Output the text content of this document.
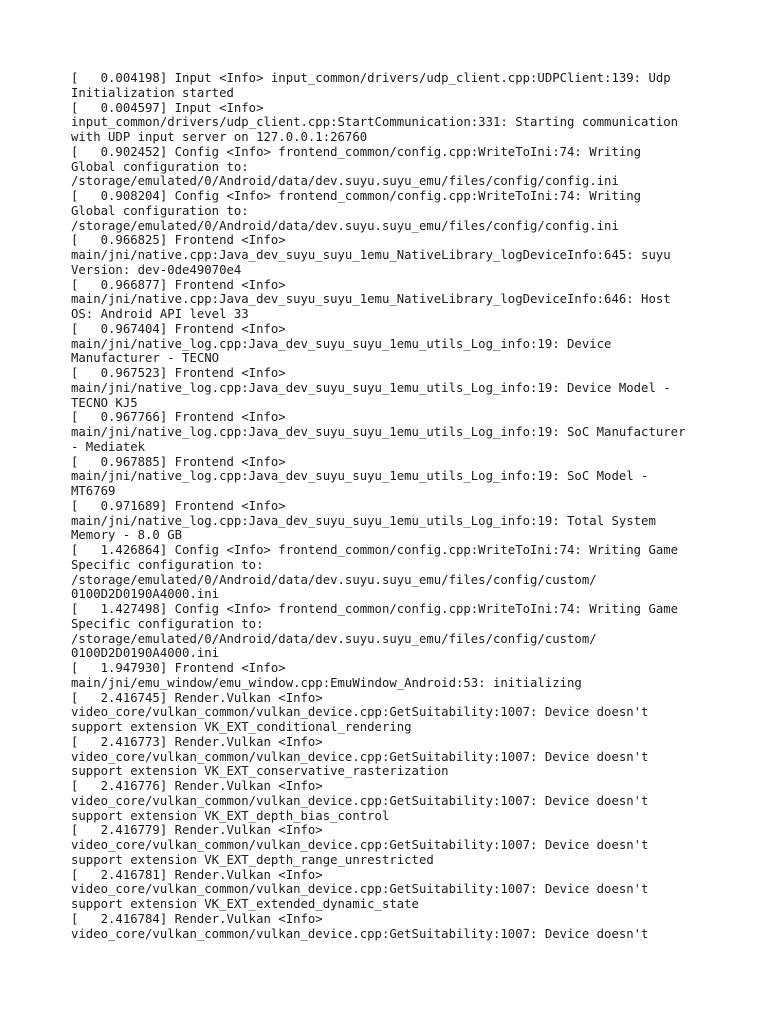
[   0.004198] Input <Info> input_common/drivers/udp_client.cpp:UDPClient:139: Udp
Initialization started
[   0.004597] Input <Info>
input_common/drivers/udp_client.cpp:StartCommunication:331: Starting communication
with UDP input server on 127.0.0.1:26760
[   0.902452] Config <Info> frontend_common/config.cpp:WriteToIni:74: Writing
Global configuration to:
/storage/emulated/0/Android/data/dev.suyu.suyu_emu/files/config/config.ini
[   0.908204] Config <Info> frontend_common/config.cpp:WriteToIni:74: Writing
Global configuration to:
/storage/emulated/0/Android/data/dev.suyu.suyu_emu/files/config/config.ini
[   0.966825] Frontend <Info>
main/jni/native.cpp:Java_dev_suyu_suyu_1emu_NativeLibrary_logDeviceInfo:645: suyu
Version: dev-0de49070e4
[   0.966877] Frontend <Info>
main/jni/native.cpp:Java_dev_suyu_suyu_1emu_NativeLibrary_logDeviceInfo:646: Host
OS: Android API level 33
[   0.967404] Frontend <Info>
main/jni/native_log.cpp:Java_dev_suyu_suyu_1emu_utils_Log_info:19: Device
Manufacturer - TECNO
[   0.967523] Frontend <Info>
main/jni/native_log.cpp:Java_dev_suyu_suyu_1emu_utils_Log_info:19: Device Model -
TECNO KJ5
[   0.967766] Frontend <Info>
main/jni/native_log.cpp:Java_dev_suyu_suyu_1emu_utils_Log_info:19: SoC Manufacturer
- Mediatek
[   0.967885] Frontend <Info>
main/jni/native_log.cpp:Java_dev_suyu_suyu_1emu_utils_Log_info:19: SoC Model -
MT6769
[   0.971689] Frontend <Info>
main/jni/native_log.cpp:Java_dev_suyu_suyu_1emu_utils_Log_info:19: Total System
Memory - 8.0 GB
[   1.426864] Config <Info> frontend_common/config.cpp:WriteToIni:74: Writing Game
Specific configuration to:
/storage/emulated/0/Android/data/dev.suyu.suyu_emu/files/config/custom/
0100D2D0190A4000.ini
[   1.427498] Config <Info> frontend_common/config.cpp:WriteToIni:74: Writing Game
Specific configuration to:
/storage/emulated/0/Android/data/dev.suyu.suyu_emu/files/config/custom/
0100D2D0190A4000.ini
[   1.947930] Frontend <Info>
main/jni/emu_window/emu_window.cpp:EmuWindow_Android:53: initializing
[   2.416745] Render.Vulkan <Info>
video_core/vulkan_common/vulkan_device.cpp:GetSuitability:1007: Device doesn't
support extension VK_EXT_conditional_rendering
[   2.416773] Render.Vulkan <Info>
video_core/vulkan_common/vulkan_device.cpp:GetSuitability:1007: Device doesn't
support extension VK_EXT_conservative_rasterization
[   2.416776] Render.Vulkan <Info>
video_core/vulkan_common/vulkan_device.cpp:GetSuitability:1007: Device doesn't
support extension VK_EXT_depth_bias_control
[   2.416779] Render.Vulkan <Info>
video_core/vulkan_common/vulkan_device.cpp:GetSuitability:1007: Device doesn't
support extension VK_EXT_depth_range_unrestricted
[   2.416781] Render.Vulkan <Info>
video_core/vulkan_common/vulkan_device.cpp:GetSuitability:1007: Device doesn't
support extension VK_EXT_extended_dynamic_state
[   2.416784] Render.Vulkan <Info>
video_core/vulkan_common/vulkan_device.cpp:GetSuitability:1007: Device doesn't
